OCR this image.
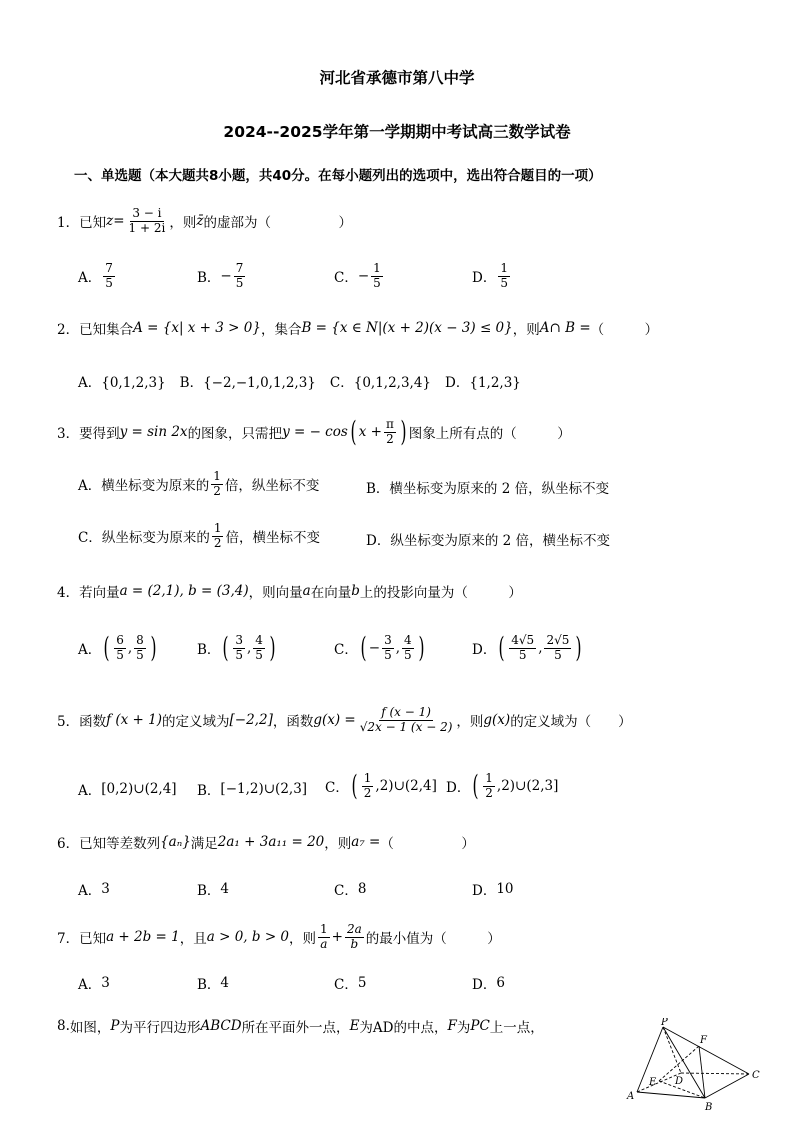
河北省承德市第八中学
2024--2025学年第一学期期中考试高三数学试卷
一、单选题（本大题共8小题，共40分。在每小题列出的选项中，选出符合题目的一项）
1． 已知 $z = \frac{3 - i}{1 + 2i}$ ，则 z̄ 的虚部为（　　　　　）
A． $\frac{7}{5}$	B． − $\frac{7}{5}$	C． − $\frac{1}{5}$	D． $\frac{1}{5}$
2． 已知集合 A = {x| x + 3 > 0} ，集合 B = {x ∈ N|(x + 2)(x − 3) ≤ 0} ，则 A∩ B = （　　　）
A．{0,1,2,3} B．{−2,−1,0,1,2,3} C．{0,1,2,3,4} D．{1,2,3}
3． 要得到 y = sin 2x 的图象，只需把 y = − cos ( $x + \frac{\pi}{2}$ ) 图象上所有点的（　　　）
A． 横坐标变为原来的 $\frac{1}{2}$ 倍，纵坐标不变	B． 横坐标变为原来的 2 倍，纵坐标不变
C． 纵坐标变为原来的 $\frac{1}{2}$ 倍，横坐标不变	D． 纵坐标变为原来的 2 倍，横坐标不变
4． 若向量 a = (2,1), b = (3,4) ，则向量 a 在向量 b 上的投影向量为（　　　）
A． ( $\frac{6}{5}$ , $\frac{8}{5}$ )	B． ( $\frac{3}{5}$ , $\frac{4}{5}$ )	C． ( − $\frac{3}{5}$ , $\frac{4}{5}$ )	D． ( $\frac{4√5}{5}$ , $\frac{2√5}{5}$ )
5． 函数 f (x + 1) 的定义域为 [−2,2] ，函数 $g(x) = \frac{f (x - 1)}{√2x - 1 (x - 2)}$ ，则 g(x) 的定义域为（　　）
A． [0,2)∪(2,4] B． [−1,2)∪(2,3] C． ( $\frac{1}{2}$ ,2)∪(2,4] D． ( $\frac{1}{2}$ ,2)∪(2,3]
6． 已知等差数列 {aₙ} 满足 2a₁ + 3a₁₁ = 20 ，则 a₇ = （　　　　　）
A． 3	B． 4	C． 8	D． 10
7． 已知 a + 2b = 1 ，且 a > 0, b > 0 ，则 $\frac{1}{a} + \frac{2a}{b}$ 的最小值为（　　　）
A． 3	B． 4	C． 5	D． 6
8. 如图， P 为平行四边形 ABCD 所在平面外一点， E 为AD的中点， F 为 PC 上一点，	P
F
E D
C
A
B
